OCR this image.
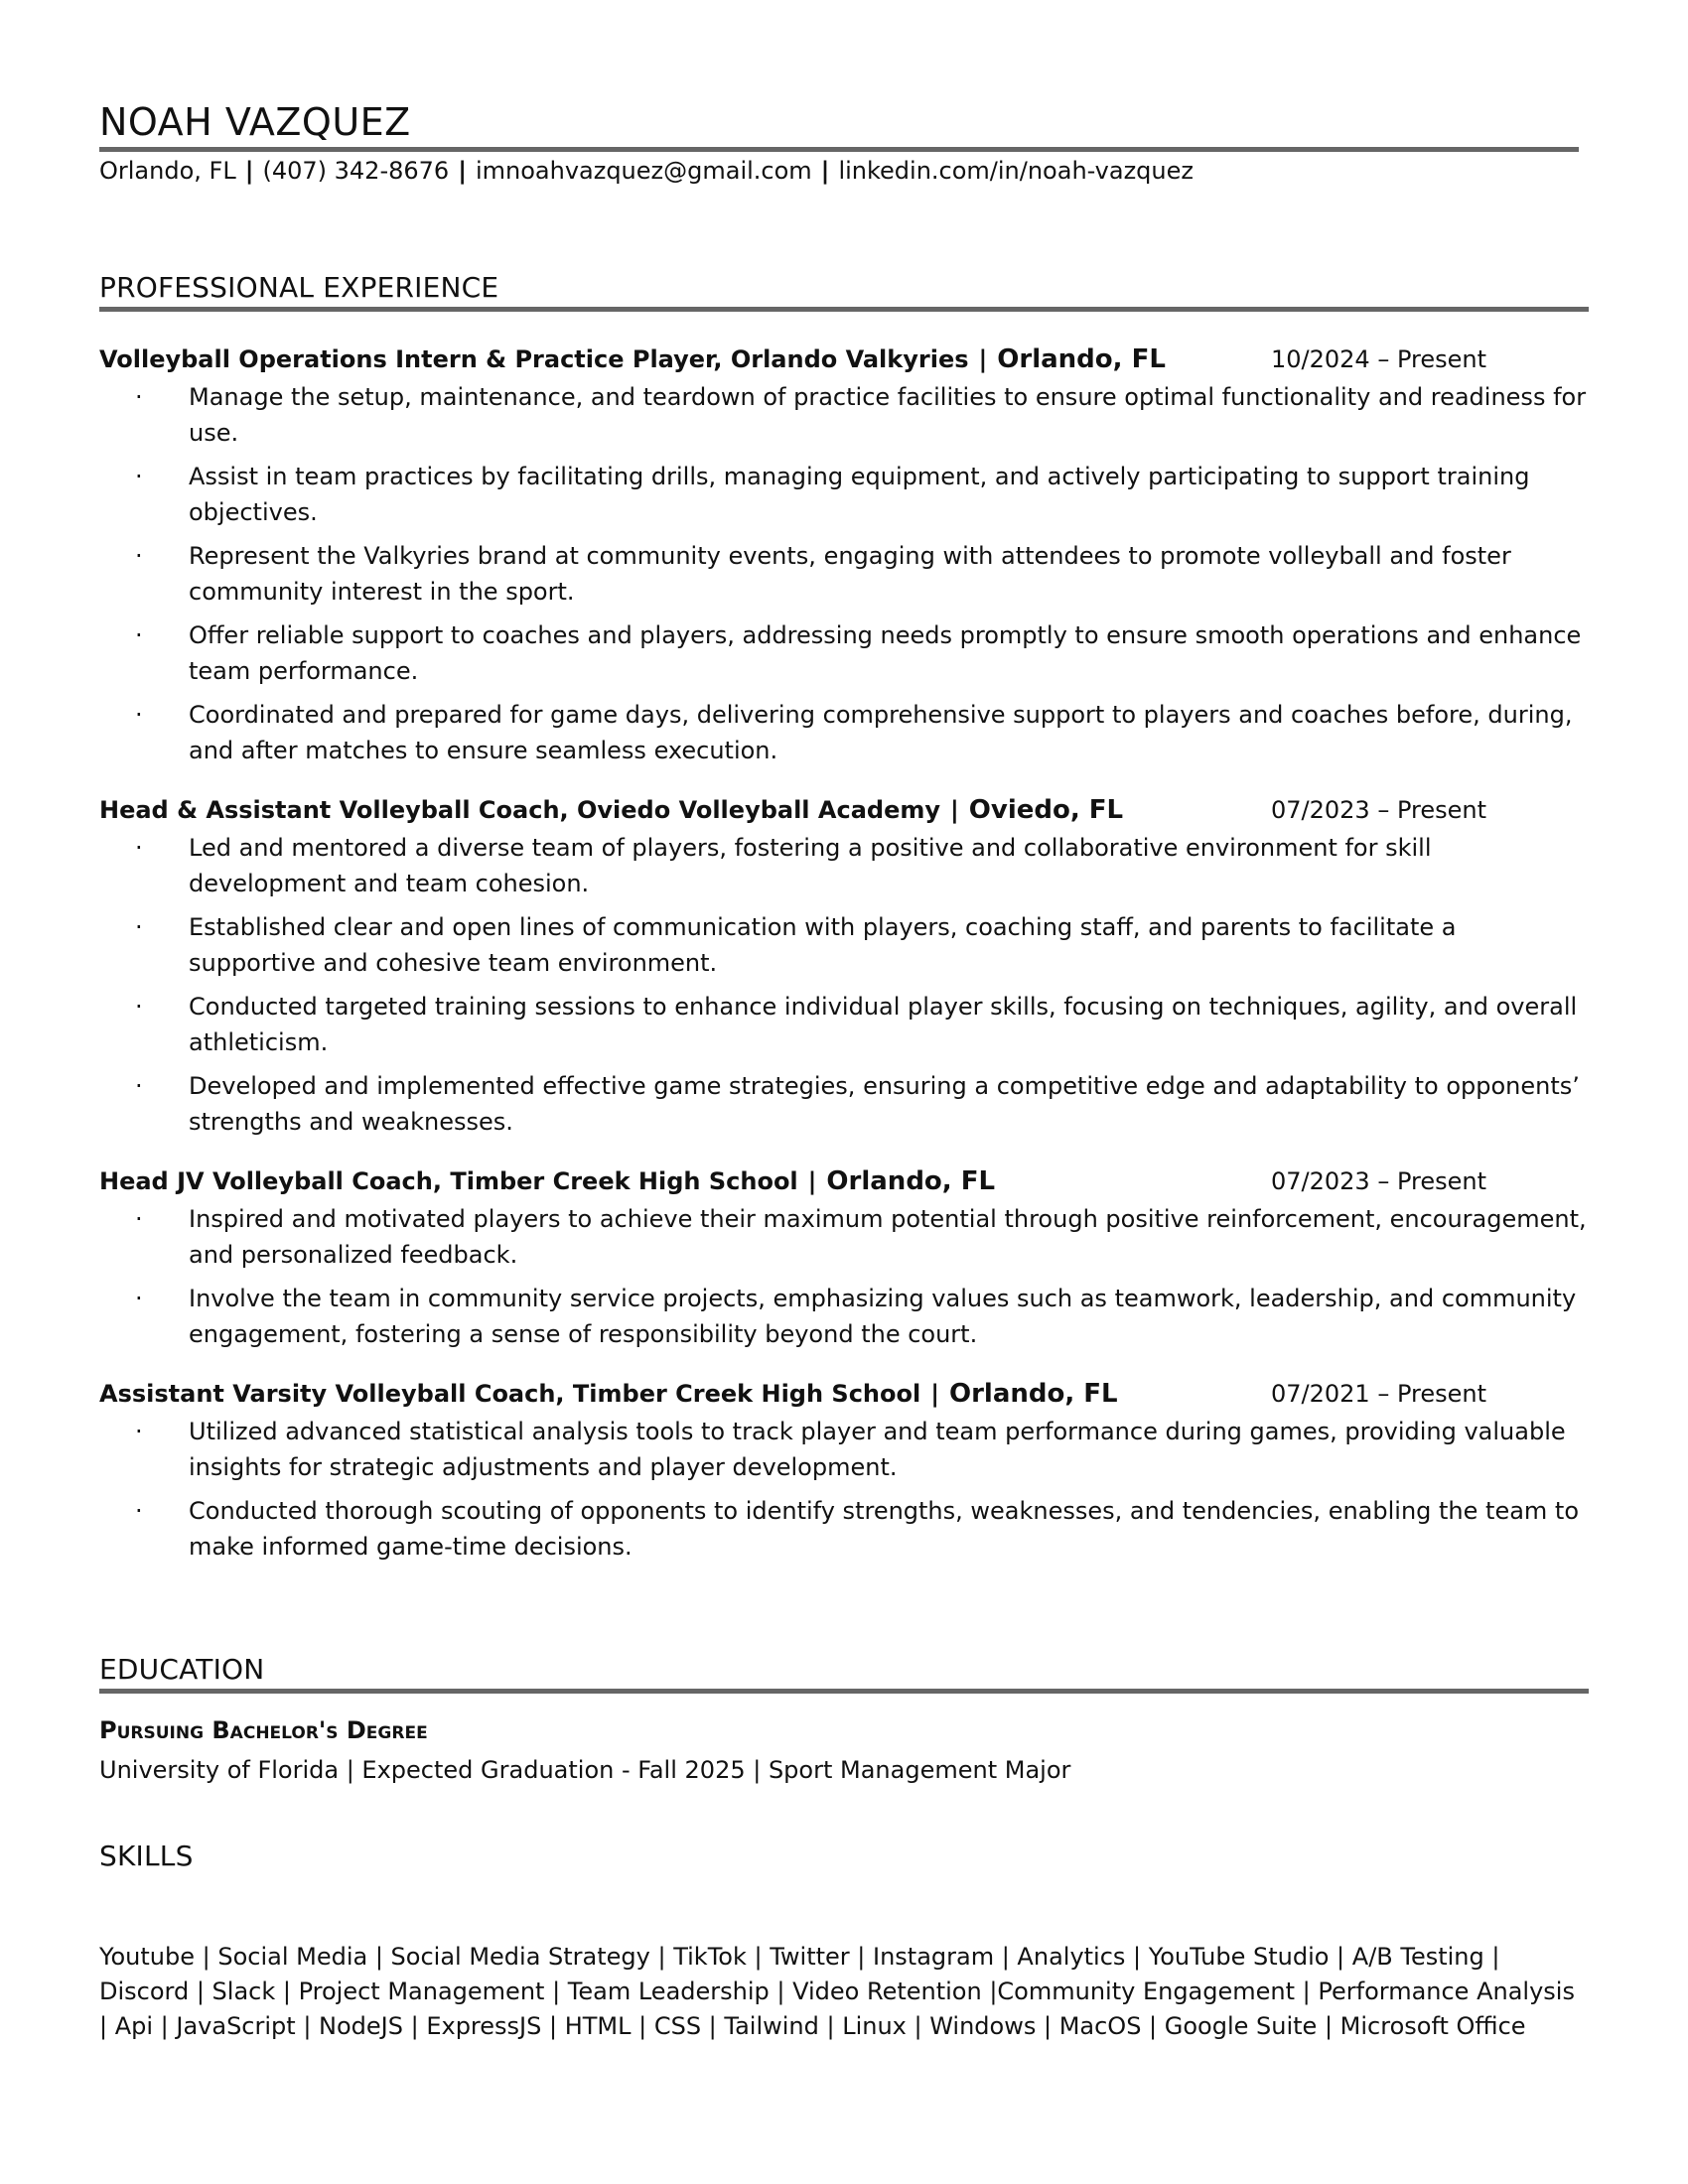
NOAH VAZQUEZ
Orlando, FL | (407) 342-8676 | imnoahvazquez@gmail.com | linkedin.com/in/noah-vazquez
PROFESSIONAL EXPERIENCE
Volleyball Operations Intern & Practice Player, Orlando Valkyries | Orlando, FL	10/2024 – Present
· Manage the setup, maintenance, and teardown of practice facilities to ensure optimal functionality and readiness for use.
· Assist in team practices by facilitating drills, managing equipment, and actively participating to support training objectives.
· Represent the Valkyries brand at community events, engaging with attendees to promote volleyball and foster community interest in the sport.
· Offer reliable support to coaches and players, addressing needs promptly to ensure smooth operations and enhance team performance.
· Coordinated and prepared for game days, delivering comprehensive support to players and coaches before, during, and after matches to ensure seamless execution.
Head & Assistant Volleyball Coach, Oviedo Volleyball Academy | Oviedo, FL	07/2023 – Present
· Led and mentored a diverse team of players, fostering a positive and collaborative environment for skill development and team cohesion.
· Established clear and open lines of communication with players, coaching staff, and parents to facilitate a supportive and cohesive team environment.
· Conducted targeted training sessions to enhance individual player skills, focusing on techniques, agility, and overall athleticism.
· Developed and implemented effective game strategies, ensuring a competitive edge and adaptability to opponents’ strengths and weaknesses.
Head JV Volleyball Coach, Timber Creek High School | Orlando, FL	07/2023 – Present
· Inspired and motivated players to achieve their maximum potential through positive reinforcement, encouragement, and personalized feedback.
· Involve the team in community service projects, emphasizing values such as teamwork, leadership, and community engagement, fostering a sense of responsibility beyond the court.
Assistant Varsity Volleyball Coach, Timber Creek High School | Orlando, FL	07/2021 – Present
· Utilized advanced statistical analysis tools to track player and team performance during games, providing valuable insights for strategic adjustments and player development.
· Conducted thorough scouting of opponents to identify strengths, weaknesses, and tendencies, enabling the team to make informed game-time decisions.
EDUCATION
Pursuing Bachelor's Degree
University of Florida | Expected Graduation - Fall 2025 | Sport Management Major
SKILLS
Youtube | Social Media | Social Media Strategy | TikTok | Twitter | Instagram | Analytics | YouTube Studio | A/B Testing | Discord | Slack | Project Management | Team Leadership | Video Retention |Community Engagement | Performance Analysis | Api | JavaScript | NodeJS | ExpressJS | HTML | CSS | Tailwind | Linux | Windows | MacOS | Google Suite | Microsoft Office
